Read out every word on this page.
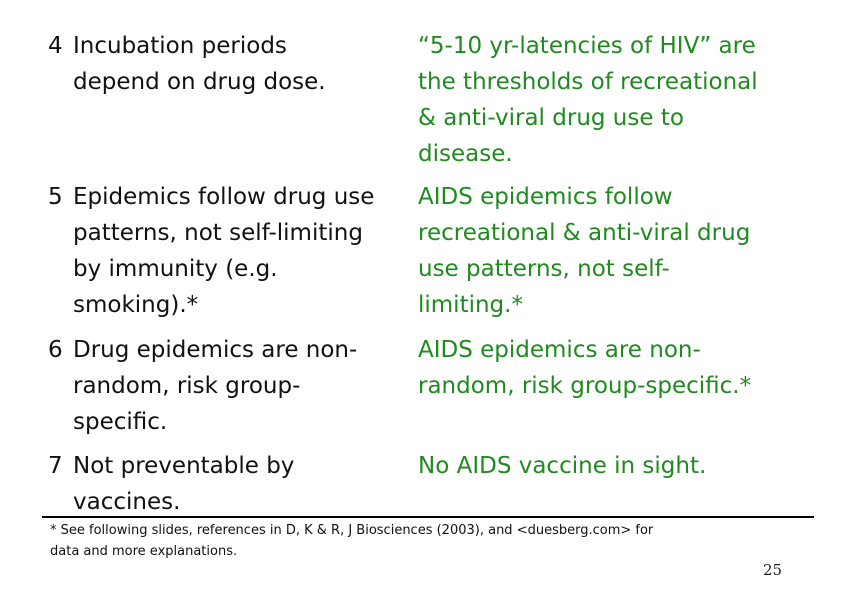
4 Incubation periods
depend on drug dose.
“5-10 yr-latencies of HIV” are
the thresholds of recreational
& anti-viral drug use to
disease.
5 Epidemics follow drug use
patterns, not self-limiting
by immunity (e.g.
smoking).*
AIDS epidemics follow
recreational & anti-viral drug
use patterns, not self-
limiting.*
6 Drug epidemics are non-
random, risk group-
specific.
AIDS epidemics are non-
random, risk group-specific.*
7 Not preventable by
vaccines.
No AIDS vaccine in sight.
* See following slides, references in D, K & R, J Biosciences (2003), and <duesberg.com> for
data and more explanations.
25
